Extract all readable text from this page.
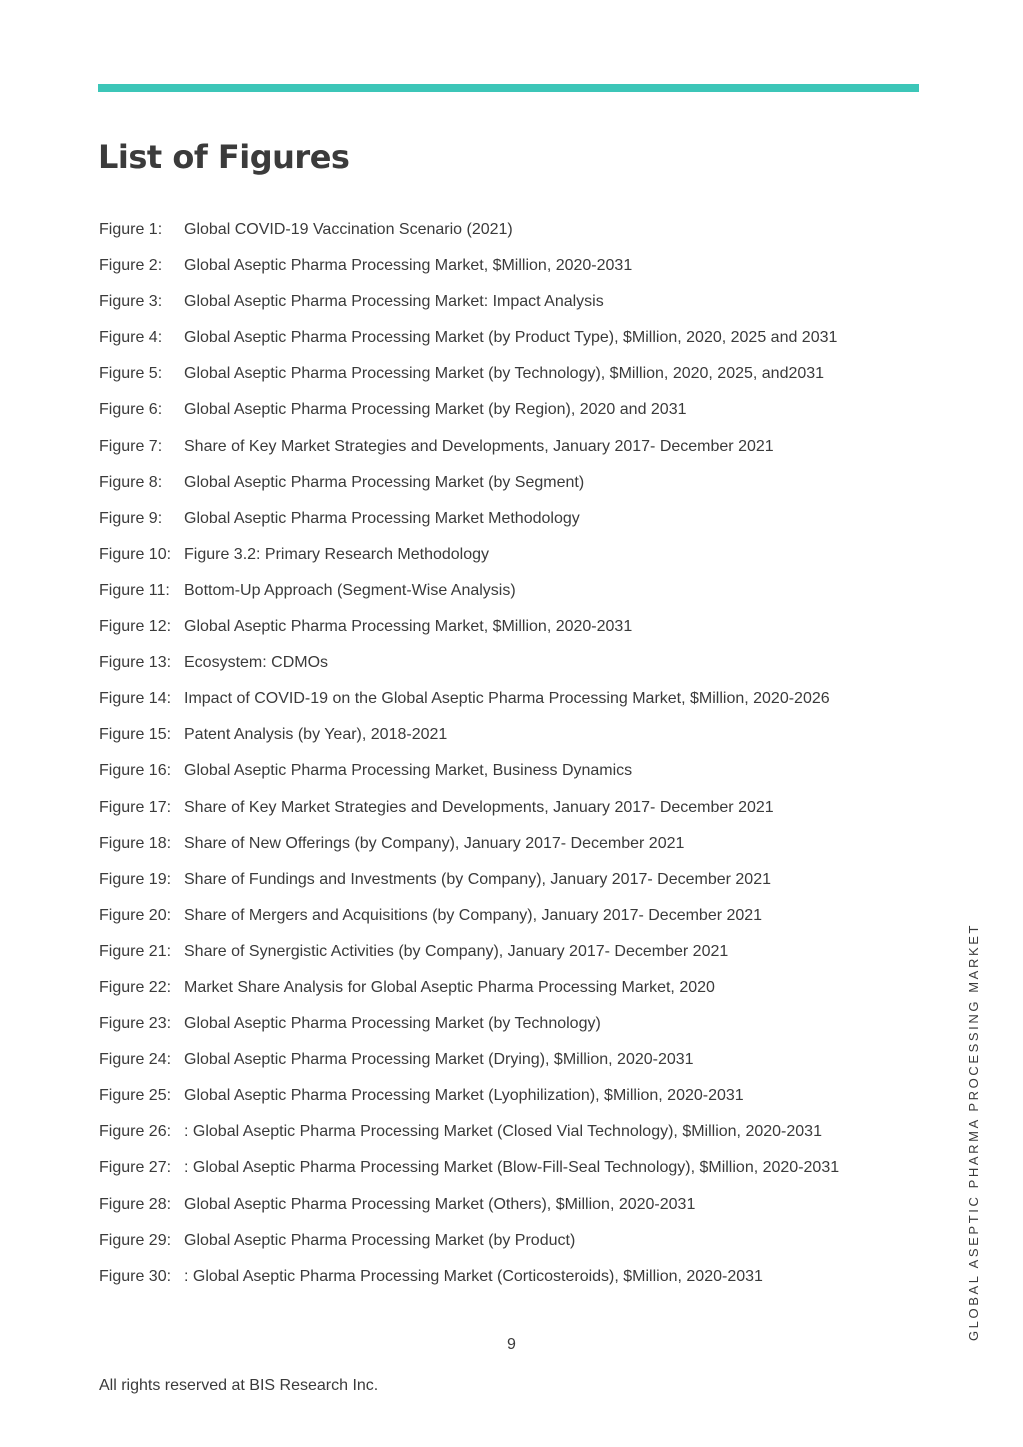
List of Figures
Figure 1:	Global COVID-19 Vaccination Scenario (2021)
Figure 2:	Global Aseptic Pharma Processing Market, $Million, 2020-2031
Figure 3:	Global Aseptic Pharma Processing Market: Impact Analysis
Figure 4:	Global Aseptic Pharma Processing Market (by Product Type), $Million, 2020, 2025 and 2031
Figure 5:	Global Aseptic Pharma Processing Market (by Technology), $Million, 2020, 2025, and2031
Figure 6:	Global Aseptic Pharma Processing Market (by Region), 2020 and 2031
Figure 7:	Share of Key Market Strategies and Developments, January 2017- December 2021
Figure 8:	Global Aseptic Pharma Processing Market (by Segment)
Figure 9:	Global Aseptic Pharma Processing Market Methodology
Figure 10: Figure 3.2: Primary Research Methodology
Figure 11: Bottom-Up Approach (Segment-Wise Analysis)
Figure 12: Global Aseptic Pharma Processing Market, $Million, 2020-2031
Figure 13: Ecosystem: CDMOs
Figure 14: Impact of COVID-19 on the Global Aseptic Pharma Processing Market, $Million, 2020-2026
Figure 15: Patent Analysis (by Year), 2018-2021
Figure 16: Global Aseptic Pharma Processing Market, Business Dynamics
Figure 17: Share of Key Market Strategies and Developments, January 2017- December 2021
Figure 18: Share of New Offerings (by Company), January 2017- December 2021
Figure 19: Share of Fundings and Investments (by Company), January 2017- December 2021
Figure 20: Share of Mergers and Acquisitions (by Company), January 2017- December 2021
Figure 21: Share of Synergistic Activities (by Company), January 2017- December 2021
Figure 22: Market Share Analysis for Global Aseptic Pharma Processing Market, 2020
Figure 23: Global Aseptic Pharma Processing Market (by Technology)
Figure 24: Global Aseptic Pharma Processing Market (Drying), $Million, 2020-2031
Figure 25: Global Aseptic Pharma Processing Market (Lyophilization), $Million, 2020-2031
Figure 26: : Global Aseptic Pharma Processing Market (Closed Vial Technology), $Million, 2020-2031
Figure 27: : Global Aseptic Pharma Processing Market (Blow-Fill-Seal Technology), $Million, 2020-2031
Figure 28: Global Aseptic Pharma Processing Market (Others), $Million, 2020-2031
Figure 29: Global Aseptic Pharma Processing Market (by Product)
Figure 30: : Global Aseptic Pharma Processing Market (Corticosteroids), $Million, 2020-2031
9
All rights reserved at BIS Research Inc.
GLOBAL ASEPTIC PHARMA PROCESSING MARKET
